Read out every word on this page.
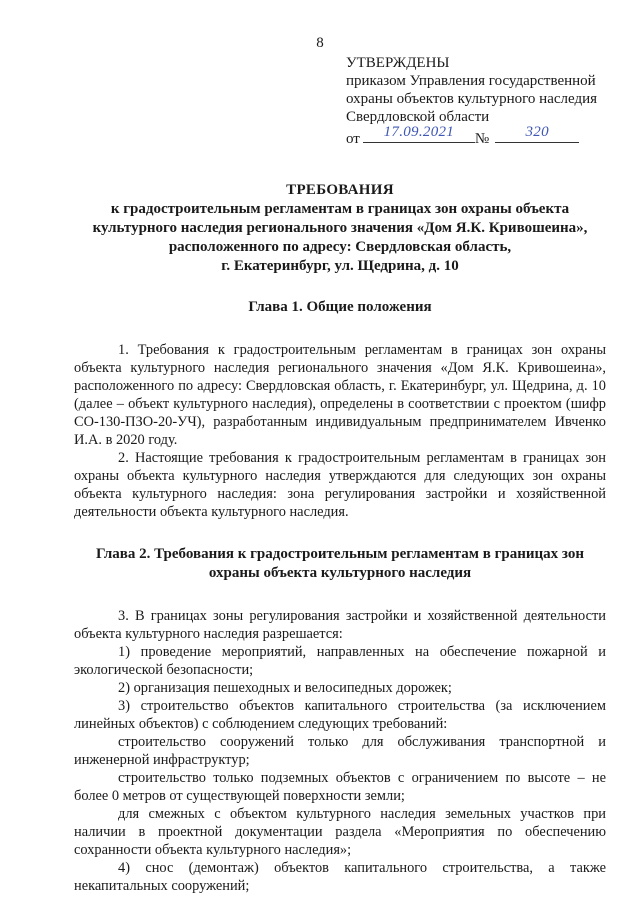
8
УТВЕРЖДЕНЫ
приказом Управления государственной
охраны объектов культурного наследия
Свердловской области
от	17.09.2021	№	320
ТРЕБОВАНИЯ
к градостроительным регламентам в границах зон охраны объекта
культурного наследия регионального значения «Дом Я.К. Кривошеина»,
расположенного по адресу: Свердловская область,
г. Екатеринбург, ул. Щедрина, д. 10
Глава 1. Общие положения

1. Требования к градостроительным регламентам в границах зон охраны объекта культурного наследия регионального значения «Дом Я.К. Кривошеина», расположенного по адресу: Свердловская область, г. Екатеринбург, ул. Щедрина, д. 10 (далее – объект культурного наследия), определены в соответствии с проектом (шифр СО-130-ПЗО-20-УЧ), разработанным индивидуальным предпринимателем Ивченко И.А. в 2020 году.

2. Настоящие требования к градостроительным регламентам в границах зон охраны объекта культурного наследия утверждаются для следующих зон охраны объекта культурного наследия: зона регулирования застройки и хозяйственной деятельности объекта культурного наследия.

Глава 2. Требования к градостроительным регламентам в границах зон
охраны объекта культурного наследия

3. В границах зоны регулирования застройки и хозяйственной деятельности объекта культурного наследия разрешается:

1) проведение мероприятий, направленных на обеспечение пожарной и экологической безопасности;

2) организация пешеходных и велосипедных дорожек;

3) строительство объектов капитального строительства (за исключением линейных объектов) с соблюдением следующих требований:

строительство сооружений только для обслуживания транспортной и инженерной инфраструктур;

строительство только подземных объектов с ограничением по высоте – не более 0 метров от существующей поверхности земли;

для смежных с объектом культурного наследия земельных участков при наличии в проектной документации раздела «Мероприятия по обеспечению сохранности объекта культурного наследия»;

4) снос (демонтаж) объектов капитального строительства, а также некапитальных сооружений;
